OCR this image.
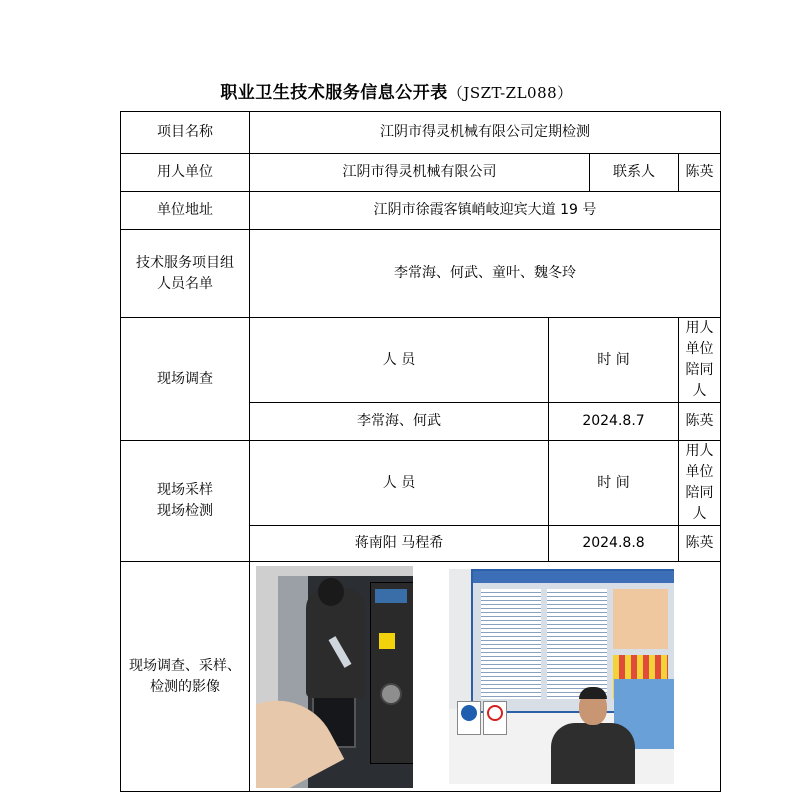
职业卫生技术服务信息公开表（JSZT-ZL088）
项目名称	江阴市得灵机械有限公司定期检测			
用人单位	江阴市得灵机械有限公司		联系人	陈英
单位地址	江阴市徐霞客镇峭岐迎宾大道 19 号			

技术服务项目组
人员名单	李常海、何武、童叶、魏冬玲			
现场调查	人 员	时 间		用人单位陪同人
	李常海、何武	2024.8.7		陈英

现场采样
现场检测	人 员	时 间		用人单位陪同人
	蒋南阳 马程希	2024.8.8		陈英

现场调查、采样、
检测的影像				
